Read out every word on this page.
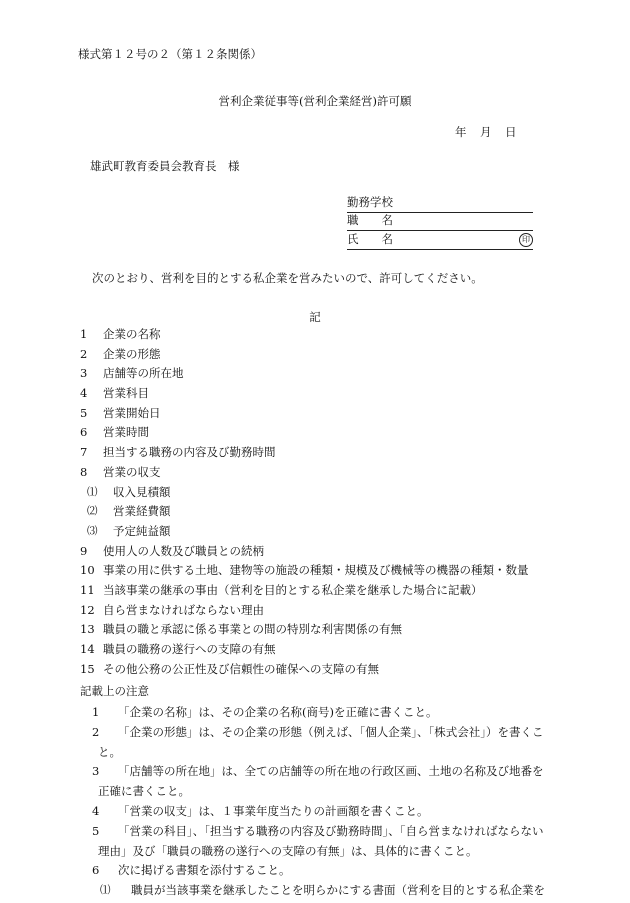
様式第１２号の２（第１２条関係）
営利企業従事等(営利企業経営)許可願
年　月　日
雄武町教育委員会教育長　様
勤務学校
職　　名
氏　　名	印
次のとおり、営利を目的とする私企業を営みたいので、許可してください。
記
1	企業の名称
2	企業の形態
3	店舗等の所在地
4	営業科目
5	営業開始日
6	営業時間
7	担当する職務の内容及び勤務時間
8	営業の収支
⑴	収入見積額
⑵	営業経費額
⑶	予定純益額
9	使用人の人数及び職員との続柄
10 事業の用に供する土地、建物等の施設の種類・規模及び機械等の機器の種類・数量
11 当該事業の継承の事由（営利を目的とする私企業を継承した場合に記載）
12 自ら営まなければならない理由
13 職員の職と承認に係る事業との間の特別な利害関係の有無
14 職員の職務の遂行への支障の有無
15 その他公務の公正性及び信頼性の確保への支障の有無
記載上の注意
1	「企業の名称」は、その企業の名称(商号)を正確に書くこと。
2	「企業の形態」は、その企業の形態（例えば、「個人企業」、「株式会社」）を書くこ
と。
3	「店舗等の所在地」は、全ての店舗等の所在地の行政区画、土地の名称及び地番を
正確に書くこと。
4	「営業の収支」は、１事業年度当たりの計画額を書くこと。
5	「営業の科目」、「担当する職務の内容及び勤務時間」、「自ら営まなければならない
理由」及び「職員の職務の遂行への支障の有無」は、具体的に書くこと。
6	次に掲げる書類を添付すること。
⑴	職員が当該事業を継承したことを明らかにする書面（営利を目的とする私企業を
